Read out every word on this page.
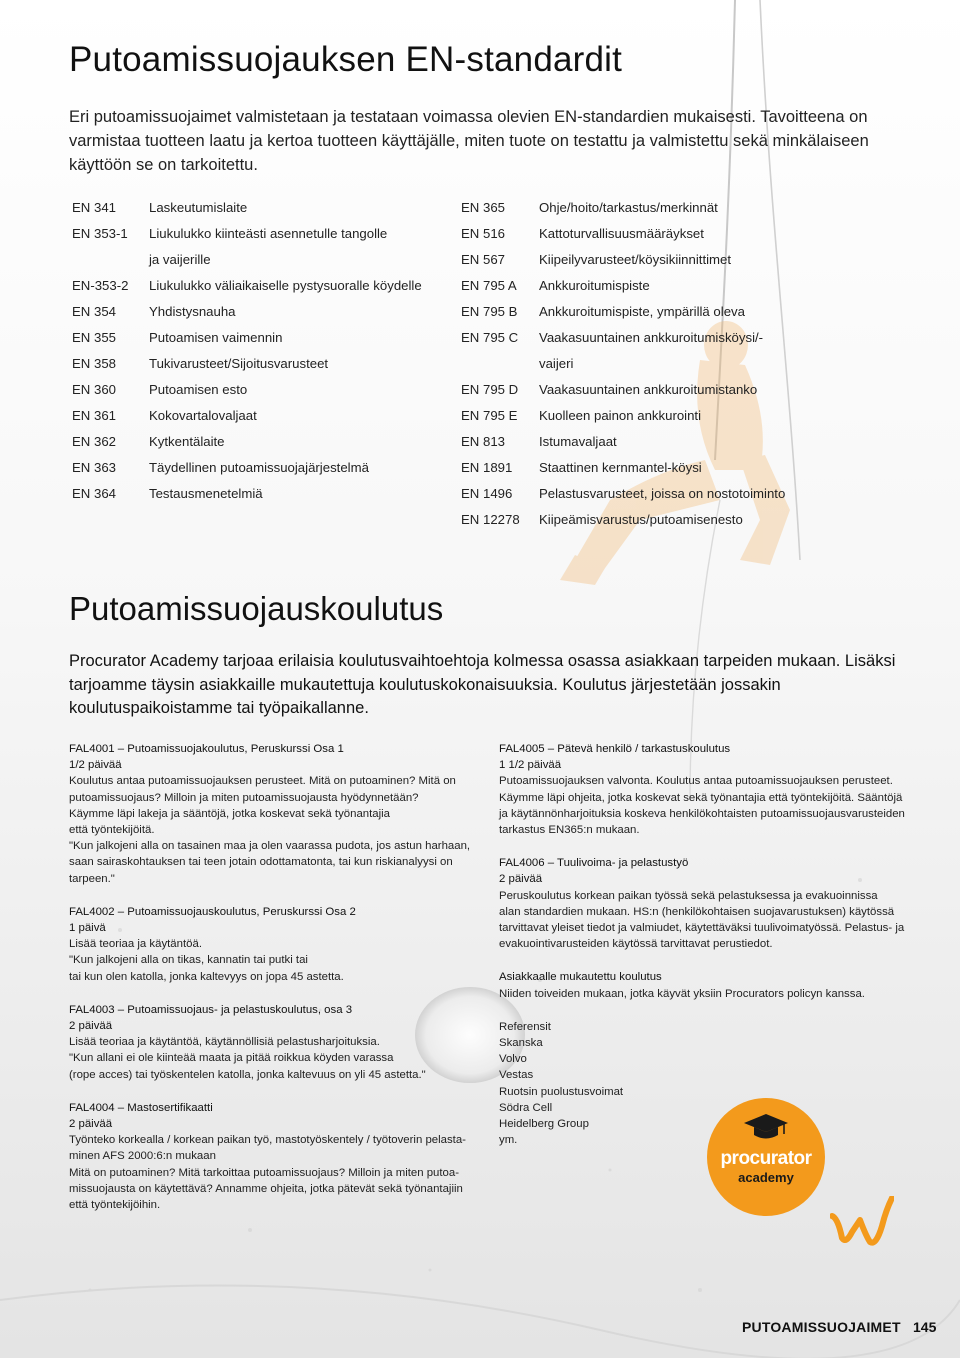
Putoamissuojauksen EN-standardit

Eri putoamissuojaimet valmistetaan ja testataan voimassa olevien EN-standardien mukaisesti. Tavoitteena on varmistaa tuotteen laatu ja kertoa tuotteen käyttäjälle, miten tuote on testattu ja valmistettu sekä minkälaiseen käyttöön se on tarkoitettu.

EN 341	Laskeutumislaite
EN 353-1 Liukulukko kiinteästi asennetulle tangolle
ja vaijerille
EN-353-2 Liukulukko väliaikaiselle pystysuoralle köydelle
EN 354	Yhdistysnauha
EN 355	Putoamisen vaimennin
EN 358	Tukivarusteet/Sijoitusvarusteet
EN 360	Putoamisen esto
EN 361	Kokovartalovaljaat
EN 362	Kytkentälaite
EN 363	Täydellinen putoamissuojajärjestelmä
EN 364	Testausmenetelmiä
EN 365	Ohje/hoito/tarkastus/merkinnät
EN 516	Kattoturvallisuusmääräykset
EN 567	Kiipeilyvarusteet/köysikiinnittimet
EN 795 A Ankkuroitumispiste
EN 795 B Ankkuroitumispiste, ympärillä oleva
EN 795 C Vaakasuuntainen ankkuroitumisköysi/-
vaijeri
EN 795 D Vaakasuuntainen ankkuroitumistanko
EN 795 E Kuolleen painon ankkurointi
EN 813	Istumavaljaat
EN 1891 Staattinen kernmantel-köysi
EN 1496 Pelastusvarusteet, joissa on nostotoiminto
EN 12278 Kiipeämisvarustus/putoamisenesto
Putoamissuojauskoulutus

Procurator Academy tarjoaa erilaisia koulutusvaihtoehtoja kolmessa osassa asiakkaan tarpeiden mukaan. Lisäksi tarjoamme täysin asiakkaille mukautettuja koulutuskokonaisuuksia. Koulutus järjestetään jossakin koulutuspaikoistamme tai työpaikallanne.

FAL4001 – Putoamissuojakoulutus, Peruskurssi Osa 1
1/2 päivää
Koulutus antaa putoamissuojauksen perusteet. Mitä on putoaminen? Mitä on
putoamissuojaus? Milloin ja miten putoamissuojausta hyödynnetään?
Käymme läpi lakeja ja sääntöjä, jotka koskevat sekä työnantajia
että työntekijöitä.
"Kun jalkojeni alla on tasainen maa ja olen vaarassa pudota, jos astun harhaan,
saan sairaskohtauksen tai teen jotain odottamatonta, tai kun riskianalyysi on
tarpeen."
FAL4002 – Putoamissuojauskoulutus, Peruskurssi Osa 2
1 päivä
Lisää teoriaa ja käytäntöä.
"Kun jalkojeni alla on tikas, kannatin tai putki tai
tai kun olen katolla, jonka kaltevyys on jopa 45 astetta.
FAL4003 – Putoamissuojaus- ja pelastuskoulutus, osa 3
2 päivää
Lisää teoriaa ja käytäntöä, käytännöllisiä pelastusharjoituksia.
"Kun allani ei ole kiinteää maata ja pitää roikkua köyden varassa
(rope acces) tai työskentelen katolla, jonka kaltevuus on yli 45 astetta."
FAL4004 – Mastosertifikaatti
2 päivää
Työnteko korkealla / korkean paikan työ, mastotyöskentely / työtoverin pelasta-
minen AFS 2000:6:n mukaan
Mitä on putoaminen? Mitä tarkoittaa putoamissuojaus? Milloin ja miten putoa-
missuojausta on käytettävä? Annamme ohjeita, jotka pätevät sekä työnantajiin
että työntekijöihin.
FAL4005 – Pätevä henkilö / tarkastuskoulutus
1 1/2 päivää
Putoamissuojauksen valvonta. Koulutus antaa putoamissuojauksen perusteet.
Käymme läpi ohjeita, jotka koskevat sekä työnantajia että työntekijöitä. Sääntöjä
ja käytännönharjoituksia koskeva henkilökohtaisten putoamissuojausvarusteiden
tarkastus EN365:n mukaan.
FAL4006 – Tuulivoima- ja pelastustyö
2 päivää
Peruskoulutus korkean paikan työssä sekä pelastuksessa ja evakuoinnissa
alan standardien mukaan. HS:n (henkilökohtaisen suojavarustuksen) käytössä
tarvittavat yleiset tiedot ja valmiudet, käytettäväksi tuulivoimatyössä. Pelastus- ja
evakuointivarusteiden käytössä tarvittavat perustiedot.
Asiakkaalle mukautettu koulutus
Niiden toiveiden mukaan, jotka käyvät yksiin Procurators policyn kanssa.
Referensit
Skanska
Volvo
Vestas
Ruotsin puolustusvoimat
Södra Cell
Heidelberg Group
ym.
procurator
academy
PUTOAMISSUOJAIMET 145
